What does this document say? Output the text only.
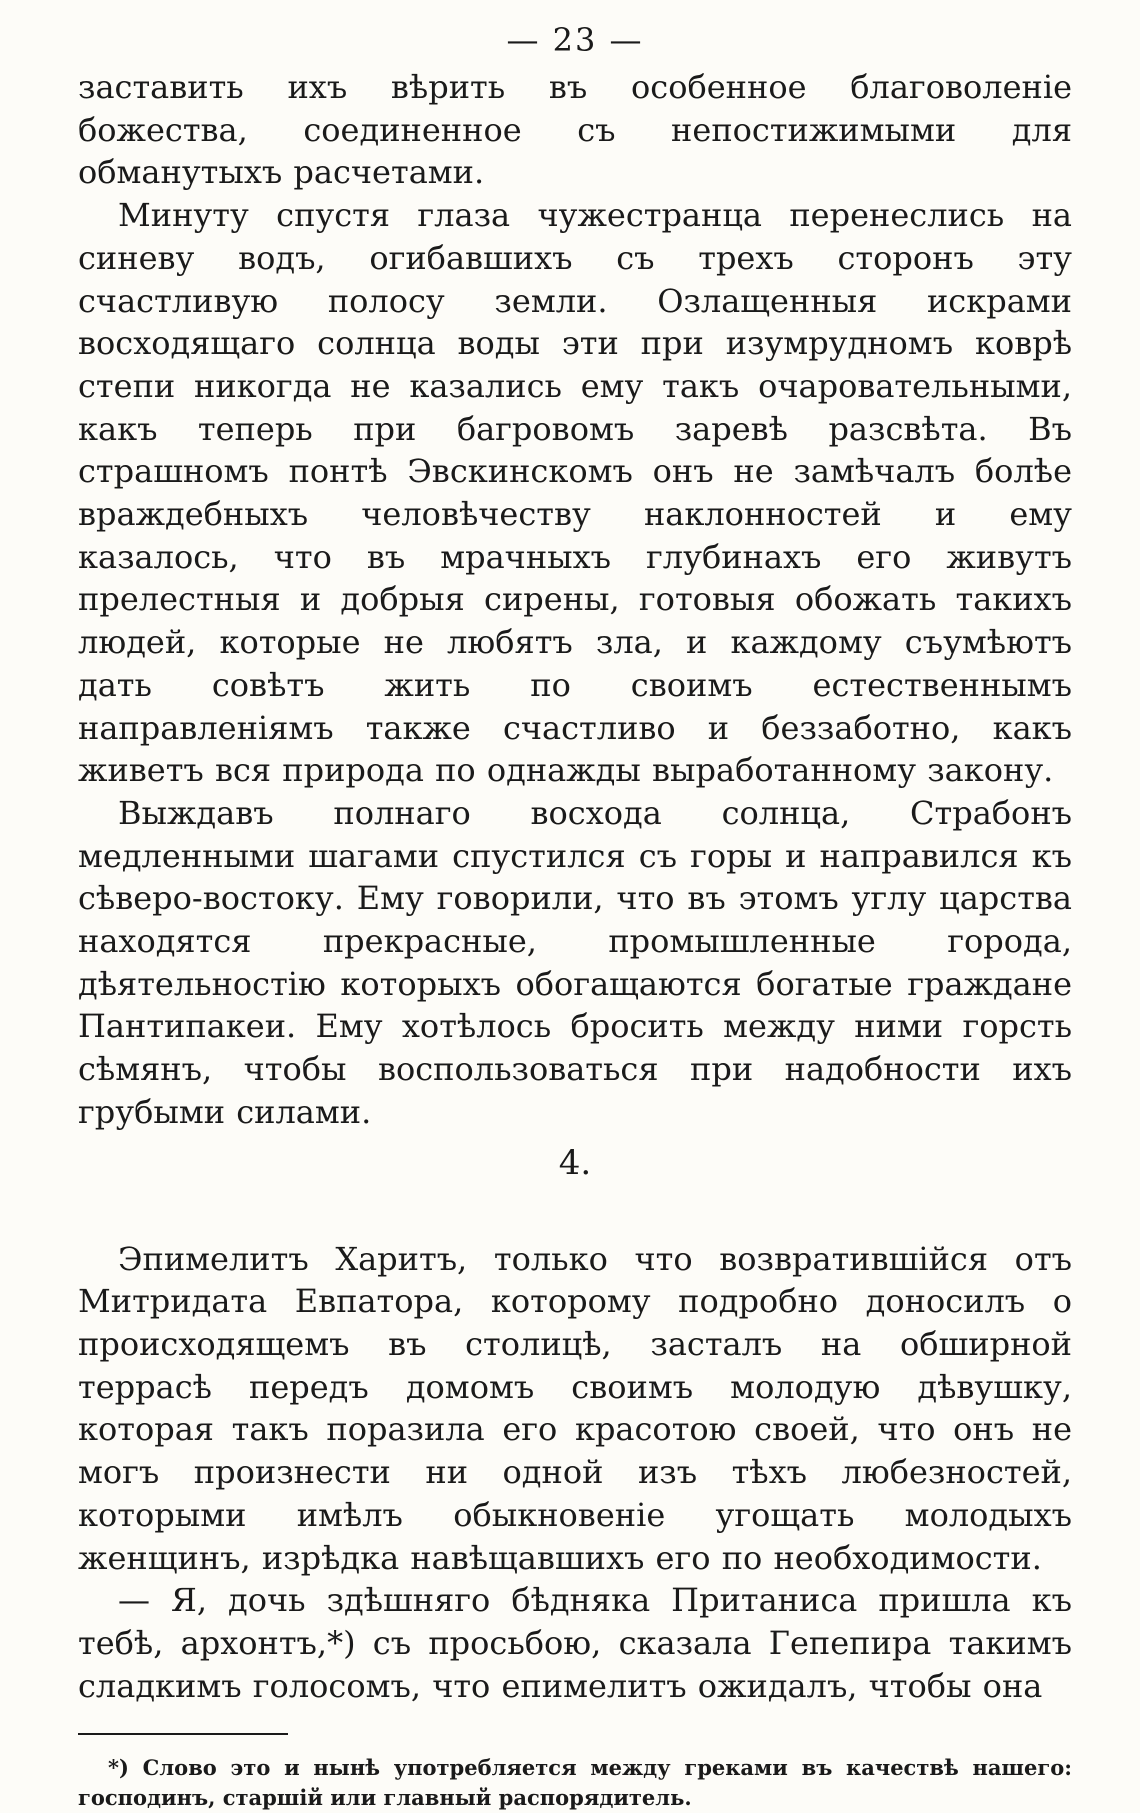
— 23 —

заставить ихъ вѣрить въ особенное благоволеніе божества, соединенное съ непостижимыми для обманутыхъ расчетами.

Минуту спустя глаза чужестранца перенеслись на синеву водъ, огибавшихъ съ трехъ сторонъ эту счастливую полосу земли. Озлащенныя искрами восходящаго солнца воды эти при изумрудномъ коврѣ степи никогда не казались ему такъ очаровательными, какъ теперь при багровомъ заревѣ разсвѣта. Въ страшномъ понтѣ Эвскинскомъ онъ не замѣчалъ болѣе враждебныхъ человѣчеству наклонностей и ему казалось, что въ мрачныхъ глубинахъ его живутъ прелестныя и добрыя сирены, готовыя обожать такихъ людей, которые не любятъ зла, и каждому съумѣютъ дать совѣтъ жить по своимъ естественнымъ направленіямъ также счастливо и беззаботно, какъ живетъ вся природа по однажды выработанному закону.

Выждавъ полнаго восхода солнца, Страбонъ медленными шагами спустился съ горы и направился къ сѣверо-востоку. Ему говорили, что въ этомъ углу царства находятся прекрасные, промышленные города, дѣятельностію которыхъ обогащаются богатые граждане Пантипакеи. Ему хотѣлось бросить между ними горсть сѣмянъ, чтобы воспользоваться при надобности ихъ грубыми силами.

4.

Эпимелитъ Харитъ, только что возвратившійся отъ Митридата Евпатора, которому подробно доносилъ о происходящемъ въ столицѣ, засталъ на обширной террасѣ передъ домомъ своимъ молодую дѣвушку, которая такъ поразила его красотою своей, что онъ не могъ произнести ни одной изъ тѣхъ любезностей, которыми имѣлъ обыкновеніе угощать молодыхъ женщинъ, изрѣдка навѣщавшихъ его по необходимости.

— Я, дочь здѣшняго бѣдняка Пританиса пришла къ тебѣ, архонтъ,*) съ просьбою, сказала Гепепира такимъ сладкимъ голосомъ, что епимелитъ ожидалъ, чтобы она

*) Слово это и нынѣ употребляется между греками въ качествѣ нашего: господинъ, старшій или главный распорядитель.
